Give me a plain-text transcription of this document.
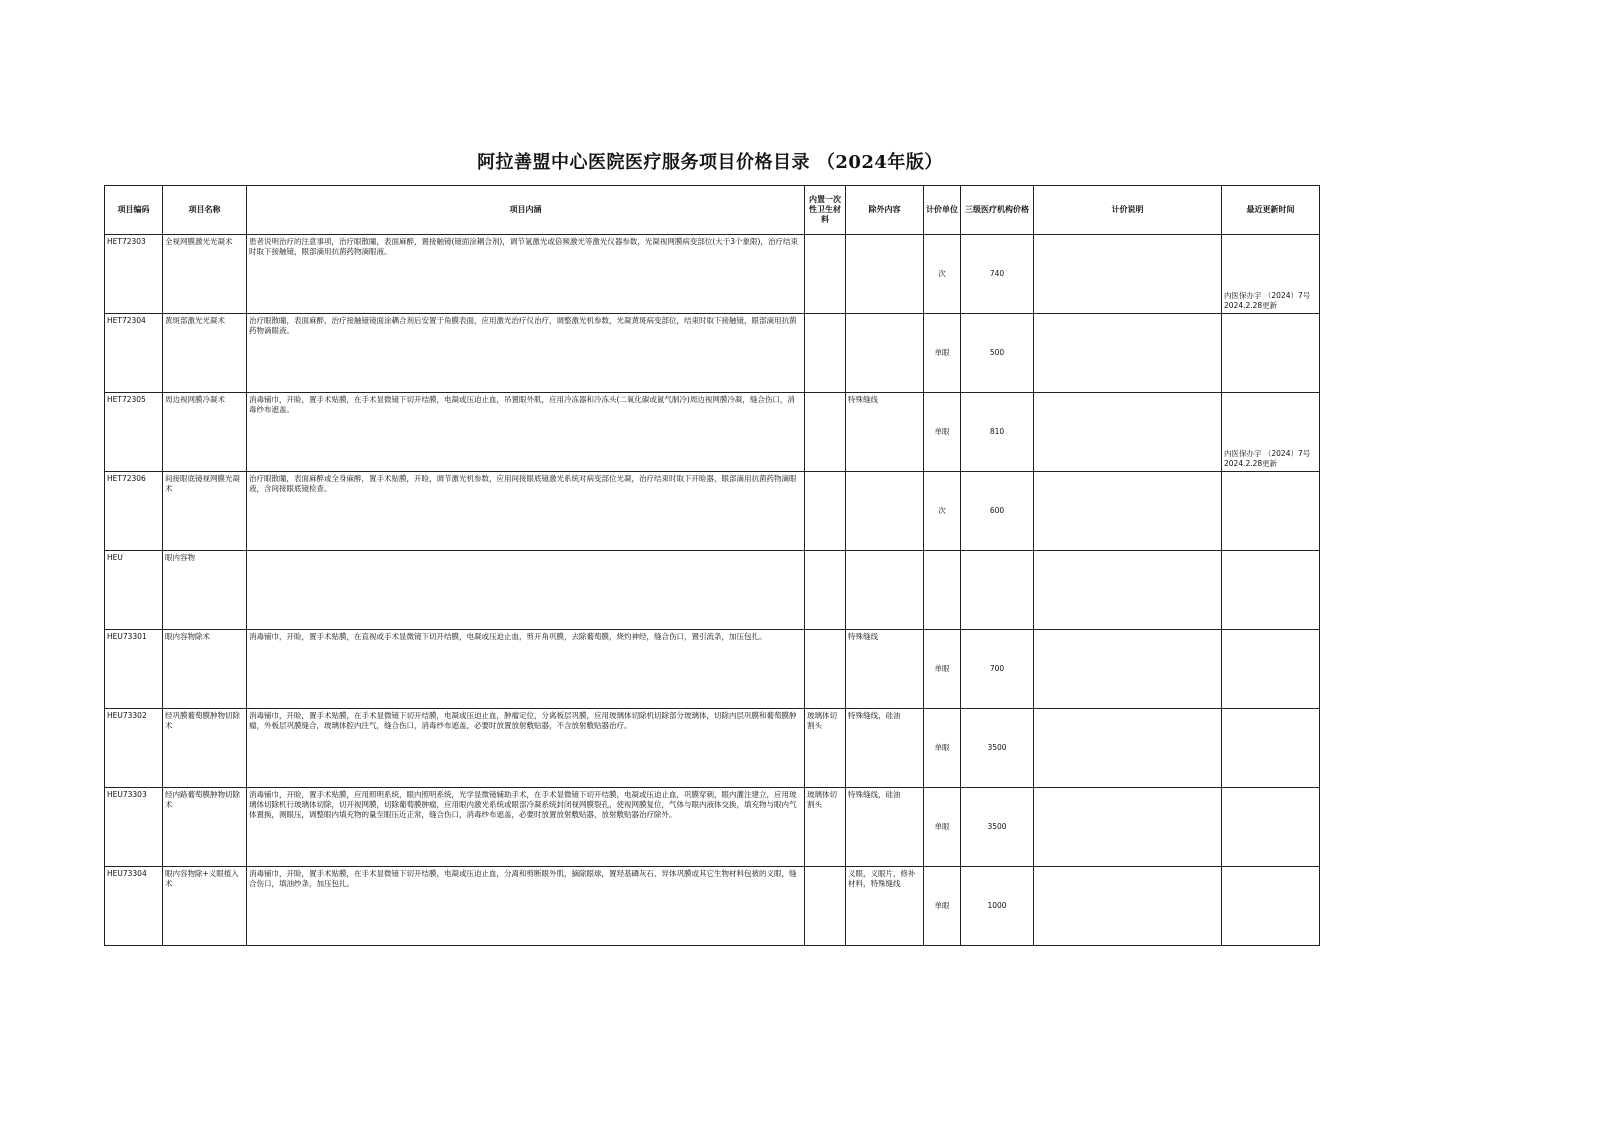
阿拉善盟中心医院医疗服务项目价格目录 （2024年版）
项目编码	项目名称	项目内涵	内置一次性卫生材料	除外内容	计价单位	三级医疗机构价格	计价说明	最近更新时间
HET72303	全视网膜激光光凝术	患者说明治疗的注意事项，治疗眼散瞳，表面麻醉，置接触镜(镜面涂耦合剂)，调节氩激光或倍频激光等激光仪器参数，光凝视网膜病变部位(大于3个象限)，治疗结束时取下接触镜，眼部滴用抗菌药物滴眼液。			次	740		内医保办字 （2024）7号 2024.2.28更新
HET72304	黄斑部激光光凝术	治疗眼散瞳，表面麻醉，治疗接触镜镜面涂耦合剂后安置于角膜表面，应用激光治疗仪治疗，调整激光机参数，光凝黄斑病变部位，结束时取下接触镜，眼部滴用抗菌药物滴眼液。			单眼	500		
HET72305	周边视网膜冷凝术	消毒铺巾，开睑，置手术贴膜，在手术显微镜下切开结膜，电凝或压迫止血，吊置眼外肌，应用冷冻器和冷冻头(二氧化碳或氮气制冷)周边视网膜冷凝，缝合伤口，消毒纱布遮盖。		特殊缝线	单眼	810		内医保办字 （2024）7号 2024.2.28更新
HET72306	间接眼底镜视网膜光凝术	治疗眼散瞳，表面麻醉或全身麻醉，置手术贴膜，开睑，调节激光机参数，应用间接眼底镜激光系统对病变部位光凝，治疗结束时取下开睑器，眼部滴用抗菌药物滴眼液，含间接眼底镜检查。			次	600		
HEU	眼内容物							
HEU73301	眼内容物除术	消毒铺巾，开睑，置手术贴膜，在直视或手术显微镜下切开结膜，电凝或压迫止血，剪开角巩膜，去除葡萄膜，烧灼神经，缝合伤口，置引流条，加压包扎。		特殊缝线	单眼	700		
HEU73302	经巩膜葡萄膜肿物切除术	消毒铺巾，开睑，置手术贴膜，在手术显微镜下切开结膜，电凝或压迫止血，肿瘤定位，分离板层巩膜，应用玻璃体切除机切除部分玻璃体，切除内层巩膜和葡萄膜肿瘤，外板层巩膜缝合，玻璃体腔内注气，缝合伤口，消毒纱布遮盖，必要时放置放射敷贴器，不含放射敷贴器治疗。	玻璃体切割头	特殊缝线，硅油	单眼	3500		
HEU73303	经内路葡萄膜肿物切除术	消毒铺巾，开睑，置手术贴膜，应用照明系统，眼内照明系统，光学显微镜辅助手术，在手术显微镜下切开结膜，电凝或压迫止血，巩膜穿刺，眼内灌注建立，应用玻璃体切除机行玻璃体切除，切开视网膜，切除葡萄膜肿瘤，应用眼内激光系统或眼部冷凝系统封闭视网膜裂孔，使视网膜复位，气体与眼内液体交换，填充物与眼内气体置换，测眼压，调整眼内填充物的量至眼压近正常，缝合伤口，消毒纱布遮盖，必要时放置放射敷贴器，放射敷贴器治疗除外。	玻璃体切割头	特殊缝线，硅油	单眼	3500		
HEU73304	眼内容物除+义眼植入术	消毒铺巾，开睑，置手术贴膜，在手术显微镜下切开结膜，电凝或压迫止血，分离和剪断眼外肌，摘除眼球，置羟基磷灰石、异体巩膜或其它生物材料包被的义眼，缝合伤口，填油纱条，加压包扎。		义眼，义眼片，修补材料，特殊缝线	单眼	1000		
